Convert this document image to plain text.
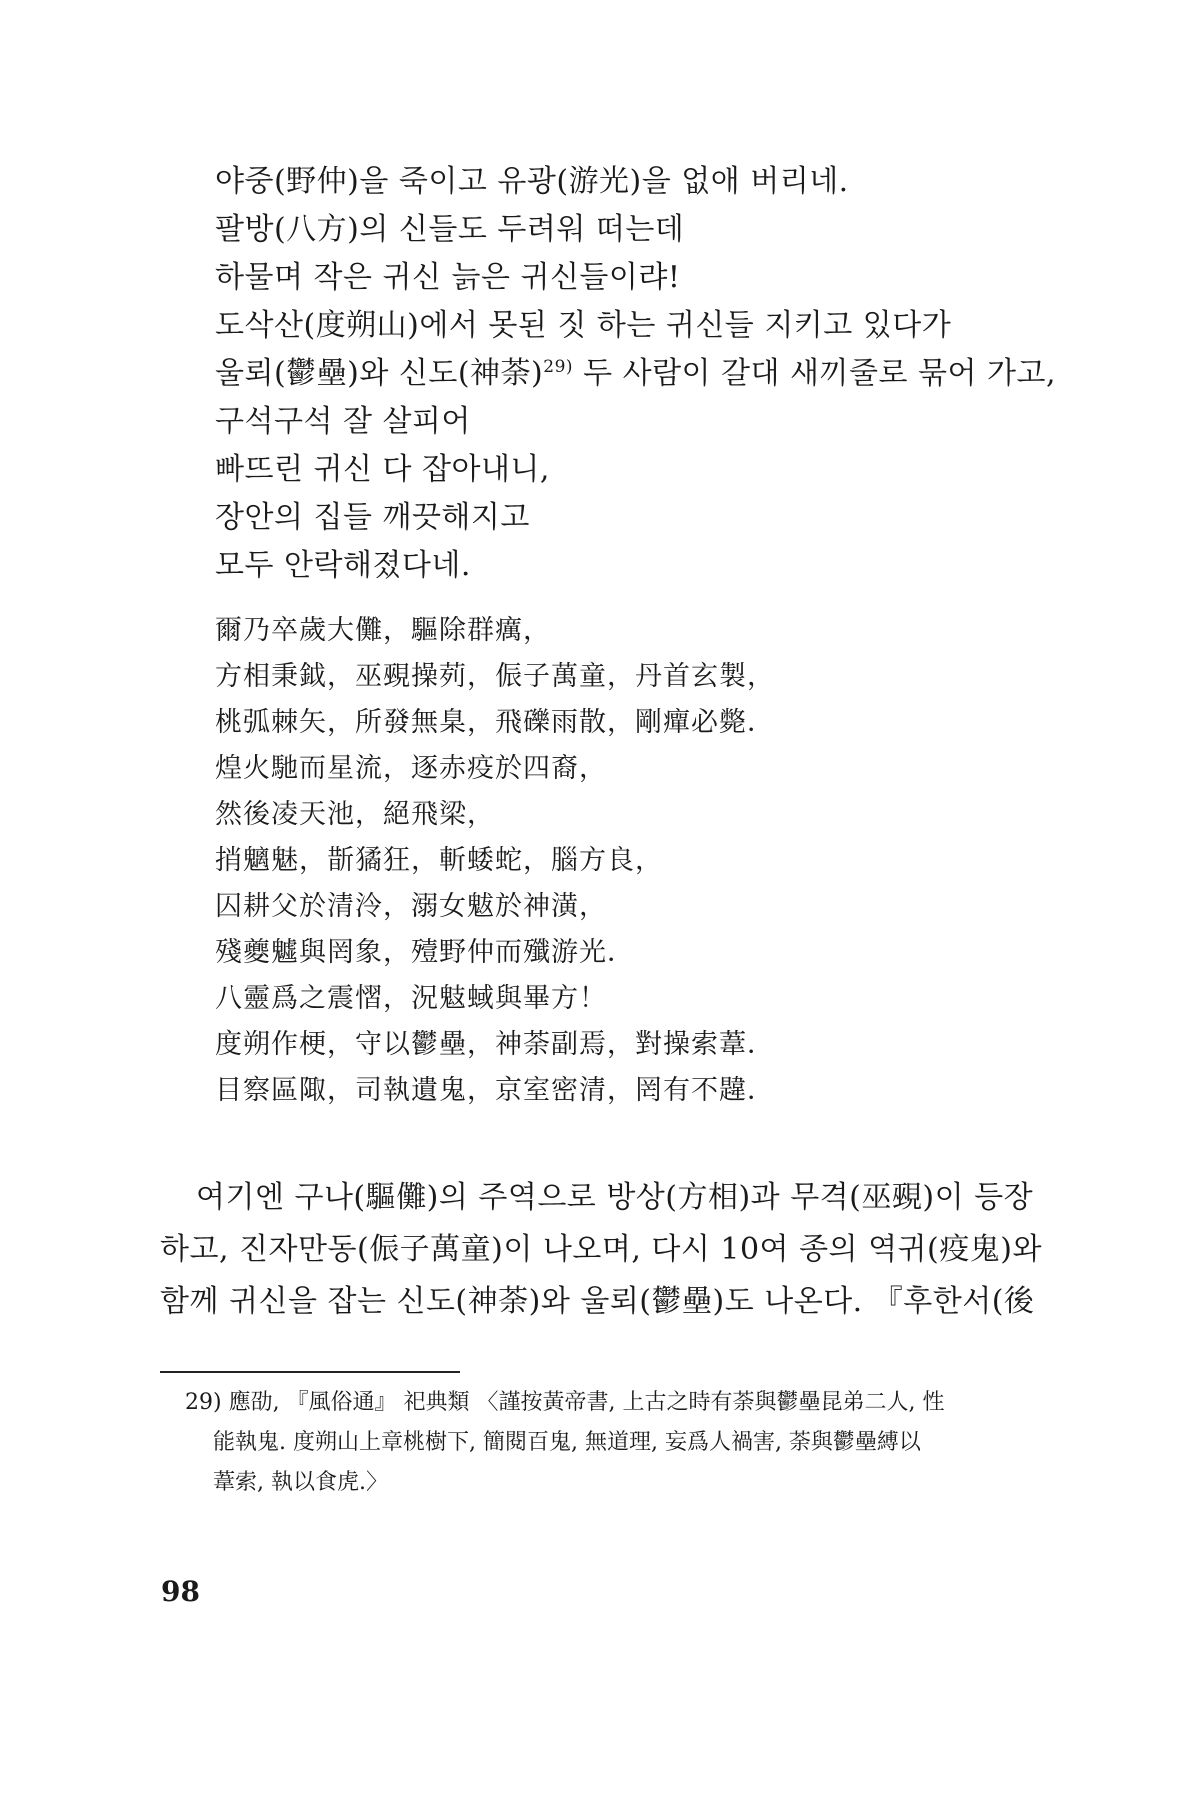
야중(野仲)을 죽이고 유광(游光)을 없애 버리네.
팔방(八方)의 신들도 두려워 떠는데
하물며 작은 귀신 늙은 귀신들이랴!
도삭산(度朔山)에서 못된 짓 하는 귀신들 지키고 있다가
울뢰(鬱壘)와 신도(神荼)$^{29)}$ 두 사람이 갈대 새끼줄로 묶어 가고,
구석구석 잘 살피어
빠뜨린 귀신 다 잡아내니,
장안의 집들 깨끗해지고
모두 안락해졌다네.
爾乃卒歲大儺，驅除群癘，
方相秉鉞，巫覡操茢，侲子萬童，丹首玄製，
桃弧棘矢，所發無臬，飛礫雨散，剛癉必斃．
煌火馳而星流，逐赤疫於四裔，
然後凌天池，絕飛梁，
捎魑魅，斮獝狂，斬蜲蛇，腦方良，
囚耕父於清泠，溺女魃於神潢，
殘夔魖與罔象，殪野仲而殲游光．
八靈爲之震慴，況鬾蜮與畢方！
度朔作梗，守以鬱壘，神荼副焉，對操索葦．
目察區陬，司執遺鬼，京室密清，罔有不韙．
여기엔 구나(驅儺)의 주역으로 방상(方相)과 무격(巫覡)이 등장
하고, 진자만동(侲子萬童)이 나오며, 다시 10여 종의 역귀(疫鬼)와
함께 귀신을 잡는 신도(神荼)와 울뢰(鬱壘)도 나온다. 『후한서(後
29) 應劭, 『風俗通』 祀典類 〈謹按黃帝書, 上古之時有荼與鬱壘昆弟二人, 性
能執鬼. 度朔山上章桃樹下, 簡閱百鬼, 無道理, 妄爲人禍害, 荼與鬱壘縛以
葦索, 執以食虎.〉
98
